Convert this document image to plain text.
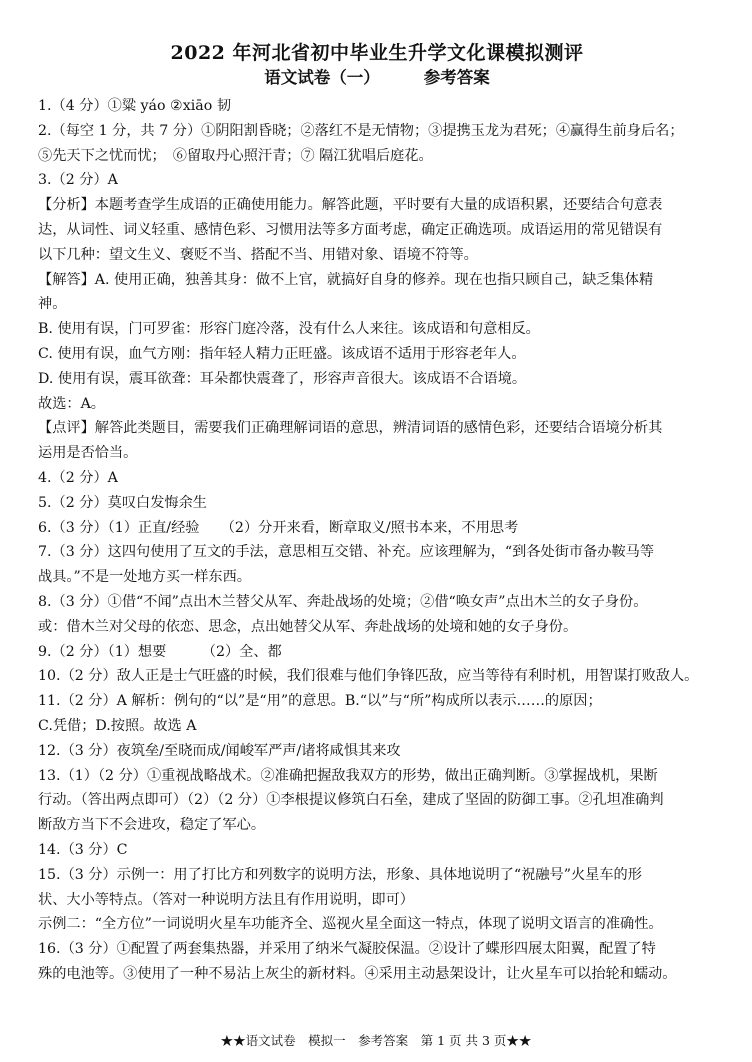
2022 年河北省初中毕业生升学文化课模拟测评
语文试卷（一）	参考答案

1.（4 分）①粱 yáo ②xiāo 韧

2.（每空 1 分，共 7 分）①阴阳割昏晓；②落红不是无情物；③提携玉龙为君死；④赢得生前身后名；

⑤先天下之忧而忧；　⑥留取丹心照汗青；⑦ 隔江犹唱后庭花。

3.（2 分）A

【分析】本题考查学生成语的正确使用能力。解答此题，平时要有大量的成语积累，还要结合句意表

达，从词性、词义轻重、感情色彩、习惯用法等多方面考虑，确定正确选项。成语运用的常见错误有

以下几种：望文生义、褒贬不当、搭配不当、用错对象、语境不符等。

【解答】A. 使用正确，独善其身：做不上官，就搞好自身的修养。现在也指只顾自己，缺乏集体精

神。

B. 使用有误，门可罗雀：形容门庭冷落，没有什么人来往。该成语和句意相反。

C. 使用有误，血气方刚：指年轻人精力正旺盛。该成语不适用于形容老年人。

D. 使用有误，震耳欲聋：耳朵都快震聋了，形容声音很大。该成语不合语境。

故选：A。

【点评】解答此类题目，需要我们正确理解词语的意思，辨清词语的感情色彩，还要结合语境分析其

运用是否恰当。

4.（2 分）A

5.（2 分）莫叹白发悔余生

6.（3 分）（1）正直/经验　　（2）分开来看，断章取义/照书本来，不用思考

7.（3 分）这四句使用了互文的手法，意思相互交错、补充。应该理解为，“到各处街市备办鞍马等

战具。”不是一处地方买一样东西。

8.（3 分）①借“不闻”点出木兰替父从军、奔赴战场的处境；②借“唤女声”点出木兰的女子身份。

或：借木兰对父母的依恋、思念，点出她替父从军、奔赴战场的处境和她的女子身份。

9.（2 分）（1）想要　　　（2）全、都

10.（2 分）敌人正是士气旺盛的时候，我们很难与他们争锋匹敌，应当等待有利时机，用智谋打败敌人。

11.（2 分）A 解析：例句的“以”是“用”的意思。B.“以”与“所”构成所以表示……的原因；

C.凭借；D.按照。故选 A

12.（3 分）夜筑垒/至晓而成/闻峻军严声/诸将咸惧其来攻

13.（1）（2 分）①重视战略战术。②准确把握敌我双方的形势，做出正确判断。③掌握战机，果断

行动。（答出两点即可）（2）（2 分）①李根提议修筑白石垒，建成了坚固的防御工事。②孔坦准确判

断敌方当下不会进攻，稳定了军心。

14.（3 分）C

15.（3 分）示例一：用了打比方和列数字的说明方法，形象、具体地说明了“祝融号”火星车的形

状、大小等特点。（答对一种说明方法且有作用说明，即可）

示例二：“全方位”一词说明火星车功能齐全、巡视火星全面这一特点，体现了说明文语言的准确性。

16.（3 分）①配置了两套集热器，并采用了纳米气凝胶保温。②设计了蝶形四展太阳翼，配置了特

殊的电池等。③使用了一种不易沾上灰尘的新材料。④采用主动悬架设计，让火星车可以抬轮和蠕动。

★★语文试卷　模拟一　参考答案　第 1 页 共 3 页★★
